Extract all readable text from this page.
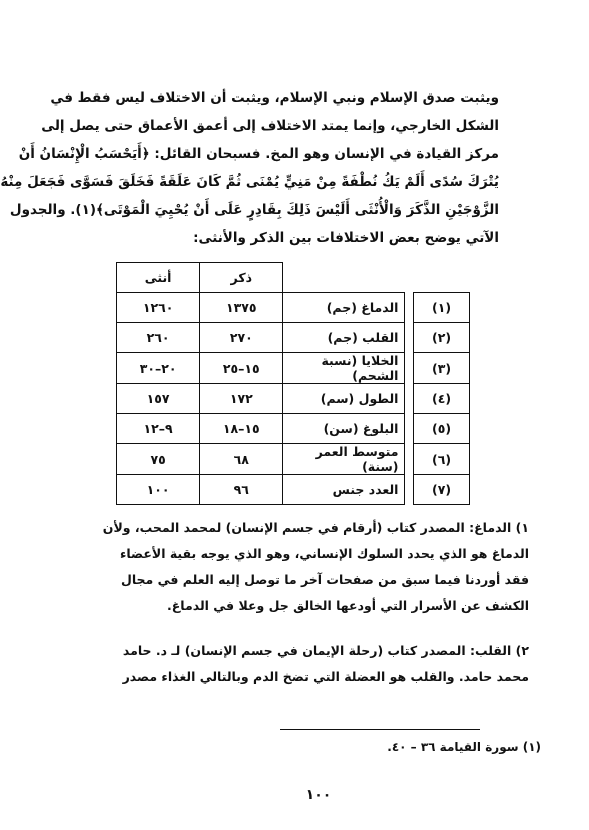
ويثبت صدق الإسلام ونبي الإسلام، ويثبت أن الاختلاف ليس فقط في
الشكل الخارجي، وإنما يمتد الاختلاف إلى أعمق الأعماق حتى يصل إلى
مركز القيادة في الإنسان وهو المخ. فسبحان القائل: ﴿أَيَحْسَبُ الْإِنْسَانُ أَنْ
يُتْرَكَ سُدًى أَلَمْ يَكُ نُطْفَةً مِنْ مَنِيٍّ يُمْنَى ثُمَّ كَانَ عَلَقَةً فَخَلَقَ فَسَوَّى فَجَعَلَ مِنْهُ
الزَّوْجَيْنِ الذَّكَرَ وَالْأُنْثَى أَلَيْسَ ذَلِكَ بِقَادِرٍ عَلَى أَنْ يُحْيِيَ الْمَوْتَى﴾(١). والجدول
الآتي يوضح بعض الاختلافات بين الذكر والأنثى:
			ذكر	أنثى
(١)		الدماغ (جم)	١٣٧٥	١٢٦٠
(٢)		القلب (جم)	٢٧٠	٢٦٠
(٣)		الخلايا (نسبة الشحم)	١٥–٢٥	٢٠–٣٠
(٤)		الطول (سم)	١٧٢	١٥٧
(٥)		البلوغ (سن)	١٥–١٨	٩–١٢
(٦)		متوسط العمر (سنة)	٦٨	٧٥
(٧)		العدد جنس	٩٦	١٠٠
١) الدماغ: المصدر كتاب (أرقام في جسم الإنسان) لمحمد المحب، ولأن
الدماغ هو الذي يحدد السلوك الإنساني، وهو الذي يوجه بقية الأعضاء
فقد أوردنا فيما سبق من صفحات آخر ما توصل إليه العلم في مجال
الكشف عن الأسرار التي أودعها الخالق جل وعلا في الدماغ.
٢) القلب: المصدر كتاب (رحلة الإيمان في جسم الإنسان) لـ د. حامد
محمد حامد. والقلب هو العضلة التي تضخ الدم وبالتالي الغذاء مصدر
(١) سورة القيامة ٣٦ – ٤٠.
١٠٠
